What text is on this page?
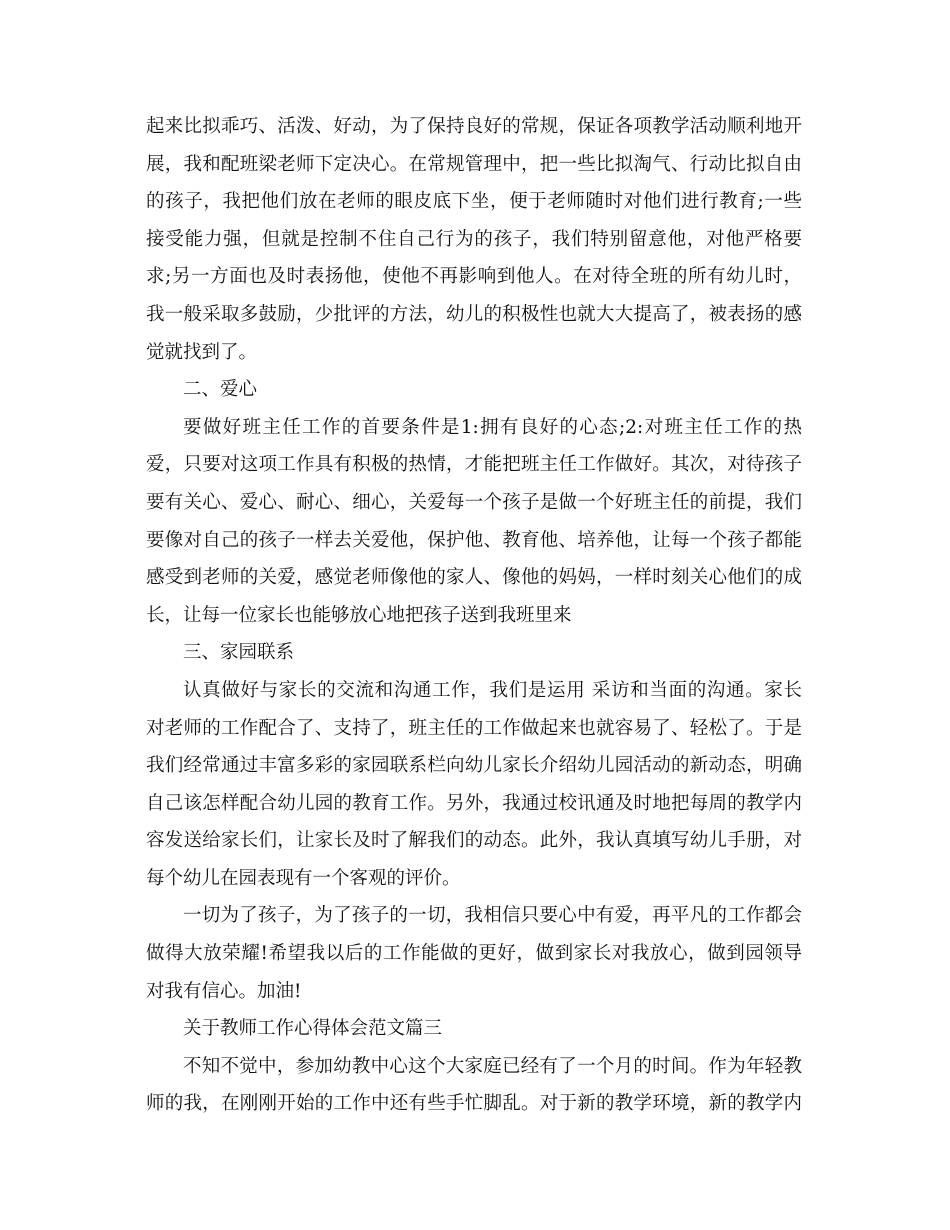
起来比拟乖巧、活泼、好动，为了保持良好的常规，保证各项教学活动顺利地开
展，我和配班梁老师下定决心。在常规管理中，把一些比拟淘气、行动比拟自由
的孩子，我把他们放在老师的眼皮底下坐，便于老师随时对他们进行教育;一些
接受能力强，但就是控制不住自己行为的孩子，我们特别留意他，对他严格要
求;另一方面也及时表扬他，使他不再影响到他人。在对待全班的所有幼儿时，
我一般采取多鼓励，少批评的方法，幼儿的积极性也就大大提高了，被表扬的感
觉就找到了。
二、爱心
要做好班主任工作的首要条件是1:拥有良好的心态;2:对班主任工作的热
爱，只要对这项工作具有积极的热情，才能把班主任工作做好。其次，对待孩子
要有关心、爱心、耐心、细心，关爱每一个孩子是做一个好班主任的前提，我们
要像对自己的孩子一样去关爱他，保护他、教育他、培养他，让每一个孩子都能
感受到老师的关爱，感觉老师像他的家人、像他的妈妈，一样时刻关心他们的成
长，让每一位家长也能够放心地把孩子送到我班里来
三、家园联系
认真做好与家长的交流和沟通工作，我们是运用 采访和当面的沟通。家长
对老师的工作配合了、支持了，班主任的工作做起来也就容易了、轻松了。于是
我们经常通过丰富多彩的家园联系栏向幼儿家长介绍幼儿园活动的新动态，明确
自己该怎样配合幼儿园的教育工作。另外，我通过校讯通及时地把每周的教学内
容发送给家长们，让家长及时了解我们的动态。此外，我认真填写幼儿手册，对
每个幼儿在园表现有一个客观的评价。
一切为了孩子，为了孩子的一切，我相信只要心中有爱，再平凡的工作都会
做得大放荣耀!希望我以后的工作能做的更好，做到家长对我放心，做到园领导
对我有信心。加油!
关于教师工作心得体会范文篇三
不知不觉中，参加幼教中心这个大家庭已经有了一个月的时间。作为年轻教
师的我，在刚刚开始的工作中还有些手忙脚乱。对于新的教学环境，新的教学内
